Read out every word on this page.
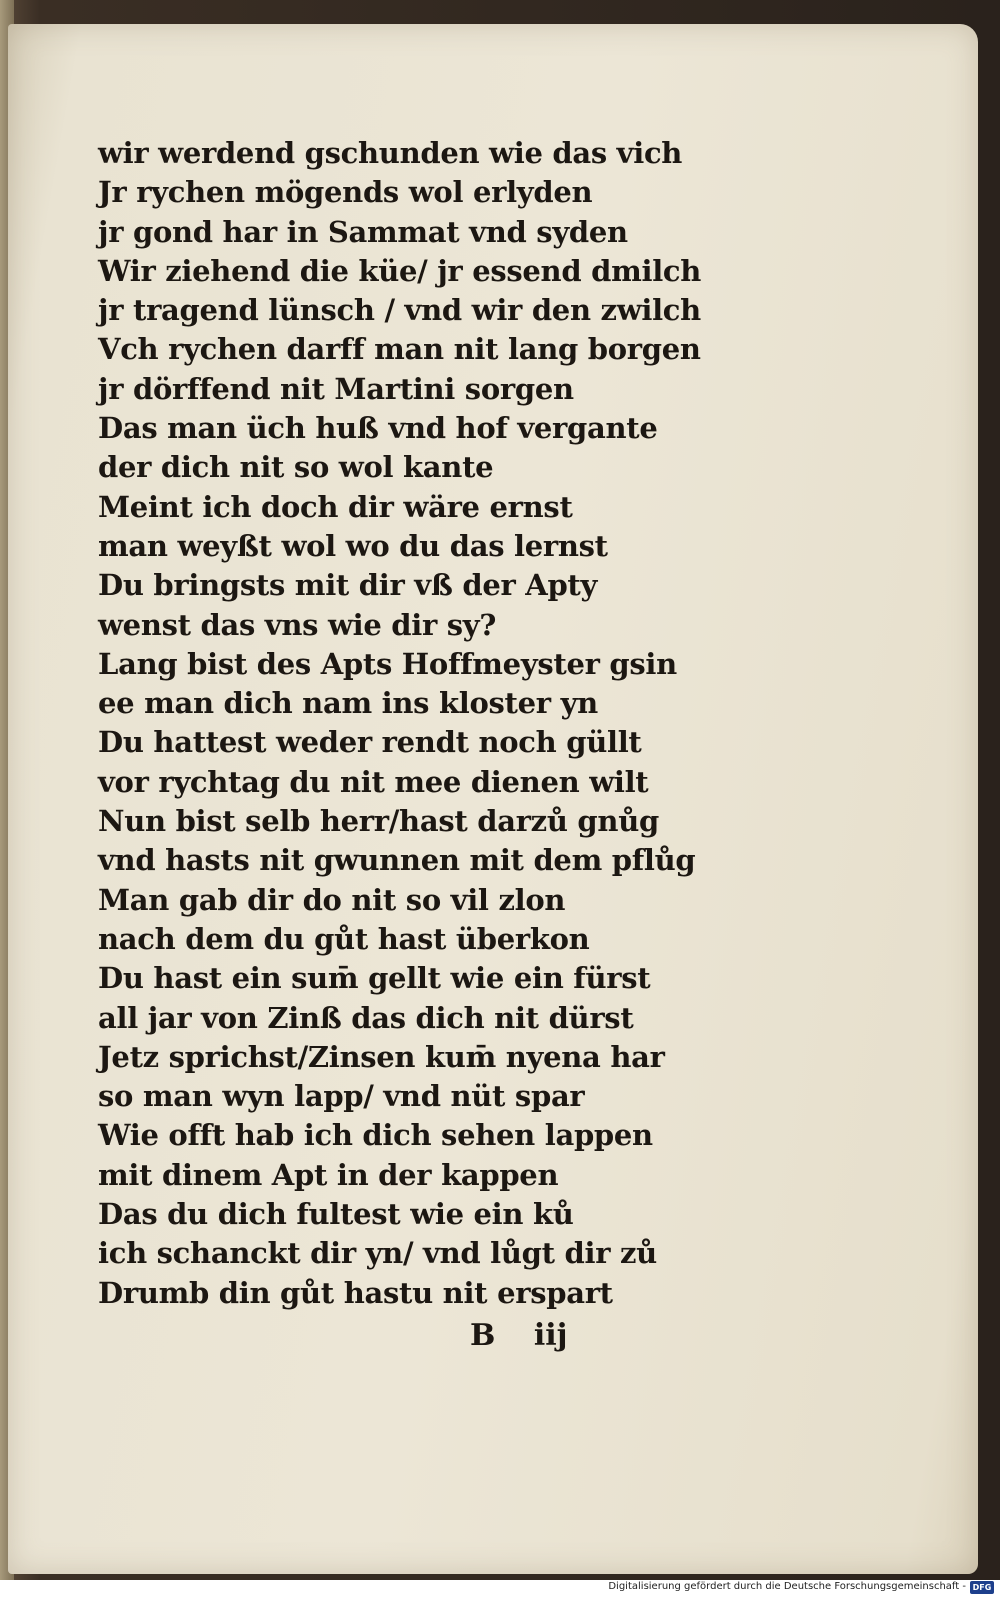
wir werdend gschunden wie das vich
Jr rychen mögends wol erlyden
jr gond har in Sammat vnd syden
Wir ziehend die küe/ jr essend dmilch
jr tragend lünsch / vnd wir den zwilch
Vch rychen darff man nit lang borgen
jr dörffend nit Martini sorgen
Das man üch huß vnd hof vergante
der dich nit so wol kante
Meint ich doch dir wäre ernst
man weyßt wol wo du das lernst
Du bringsts mit dir vß der Apty
wenst das vns wie dir sy?
Lang bist des Apts Hoffmeyster gsin
ee man dich nam ins kloster yn
Du hattest weder rendt noch güllt
vor rychtag du nit mee dienen wilt
Nun bist selb herr/hast darzů gnůg
vnd hasts nit gwunnen mit dem pflůg
Man gab dir do nit so vil zlon
nach dem du gůt hast überkon
Du hast ein sum̄ gellt wie ein fürst
all jar von Zinß das dich nit dürst
Jetz sprichst/Zinsen kum̄ nyena har
so man wyn lapp/ vnd nüt spar
Wie offt hab ich dich sehen lappen
mit dinem Apt in der kappen
Das du dich fultest wie ein ků
ich schanckt dir yn/ vnd lůgt dir zů
Drumb din gůt hastu nit erspart
B iij
Digitalisierung gefördert durch die Deutsche Forschungsgemeinschaft - DFG
